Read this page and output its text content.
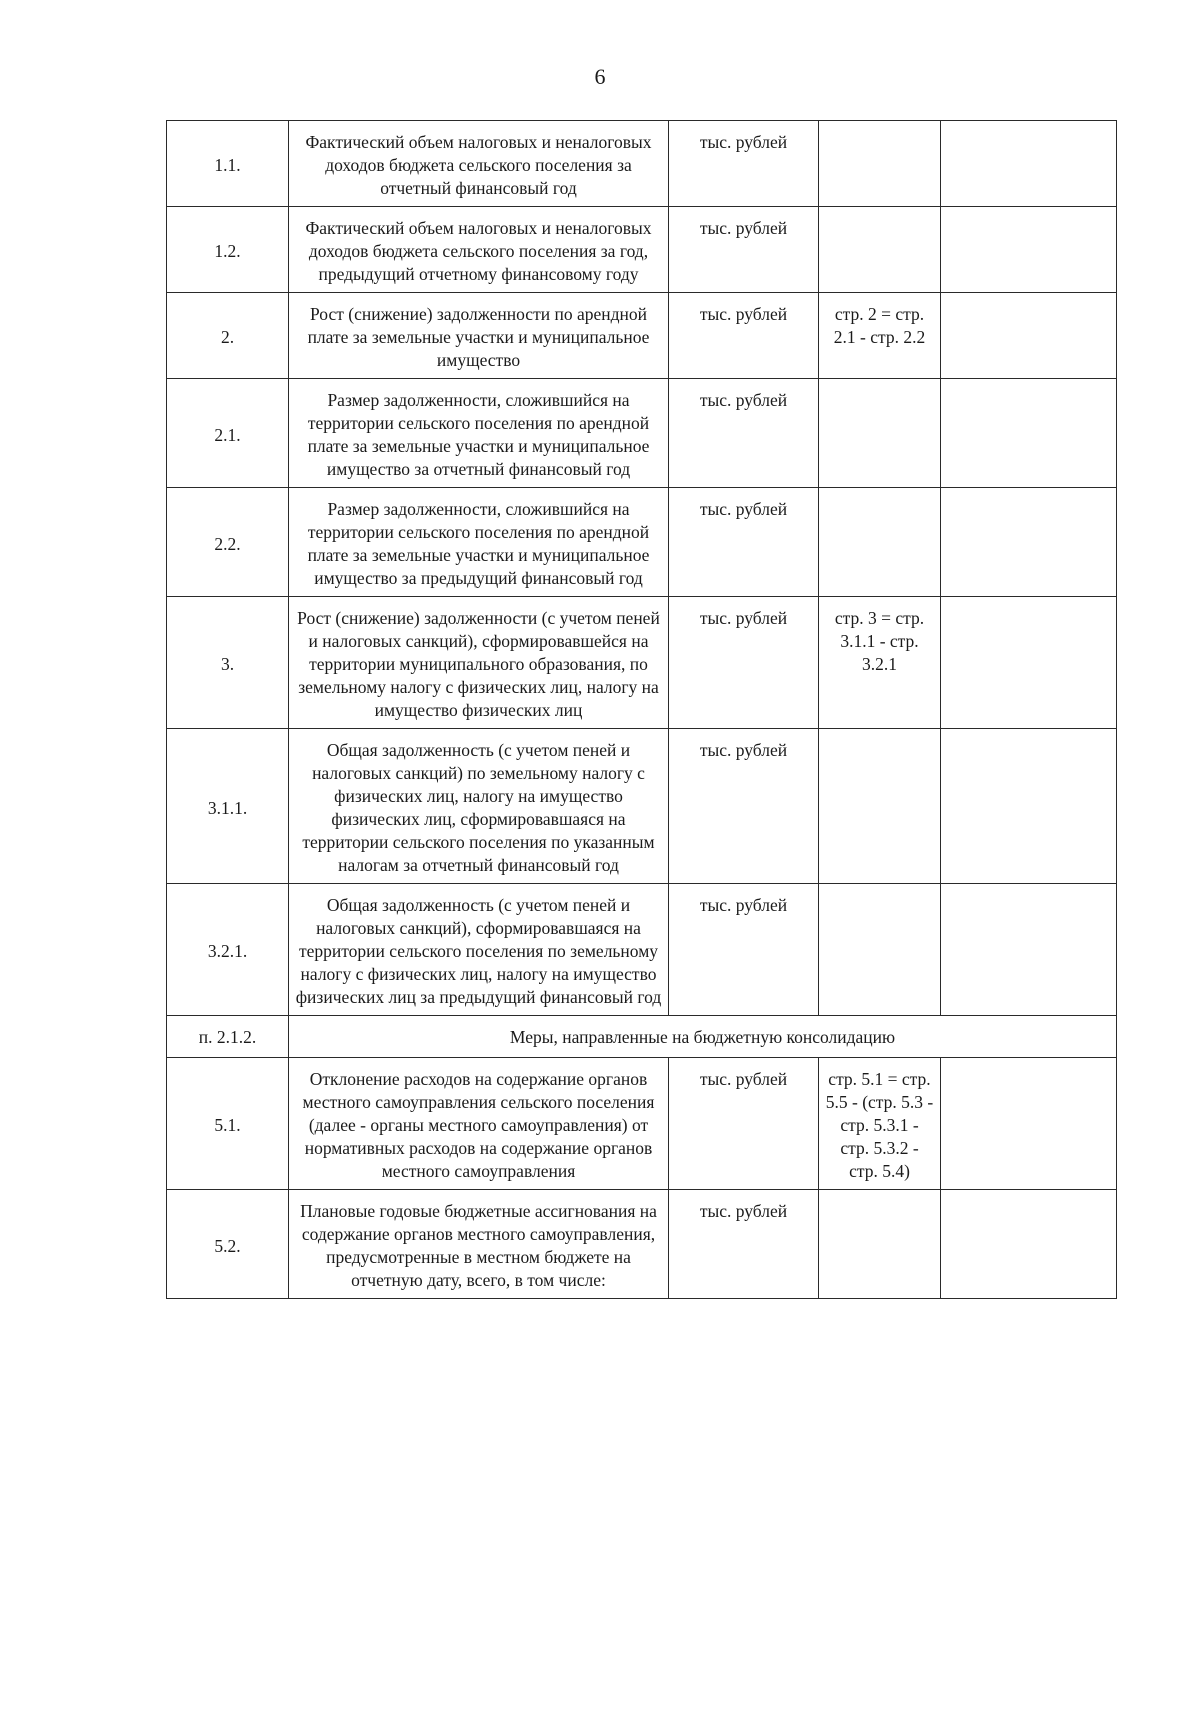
6
1.1.	Фактический объем налоговых и неналоговых доходов бюджета сельского поселения за отчетный финансовый год	тыс. рублей		
1.2.	Фактический объем налоговых и неналоговых доходов бюджета сельского поселения за год, предыдущий отчетному финансовому году	тыс. рублей		
2.	Рост (снижение) задолженности по арендной плате за земельные участки и муниципальное имущество	тыс. рублей	стр. 2 = стр. 2.1 - стр. 2.2	
2.1.	Размер задолженности, сложившийся на территории сельского поселения по арендной плате за земельные участки и муниципальное имущество за отчетный финансовый год	тыс. рублей		
2.2.	Размер задолженности, сложившийся на территории сельского поселения по арендной плате за земельные участки и муниципальное имущество за предыдущий финансовый год	тыс. рублей		
3.	Рост (снижение) задолженности (с учетом пеней и налоговых санкций), сформировавшейся на территории муниципального образования, по земельному налогу с физических лиц, налогу на имущество физических лиц	тыс. рублей	стр. 3 = стр. 3.1.1 - стр. 3.2.1	
3.1.1.	Общая задолженность (с учетом пеней и налоговых санкций) по земельному налогу с физических лиц, налогу на имущество физических лиц, сформировавшаяся на территории сельского поселения по указанным налогам за отчетный финансовый год	тыс. рублей		
3.2.1.	Общая задолженность (с учетом пеней и налоговых санкций), сформировавшаяся на территории сельского поселения по земельному налогу с физических лиц, налогу на имущество физических лиц за предыдущий финансовый год	тыс. рублей		
п. 2.1.2.	Меры, направленные на бюджетную консолидацию			
5.1.	Отклонение расходов на содержание органов местного самоуправления сельского поселения (далее - органы местного самоуправления) от нормативных расходов на содержание органов местного самоуправления	тыс. рублей	стр. 5.1 = стр. 5.5 - (стр. 5.3 - стр. 5.3.1 - стр. 5.3.2 - стр. 5.4)	
5.2.	Плановые годовые бюджетные ассигнования на содержание органов местного самоуправления, предусмотренные в местном бюджете на отчетную дату, всего, в том числе:	тыс. рублей		
